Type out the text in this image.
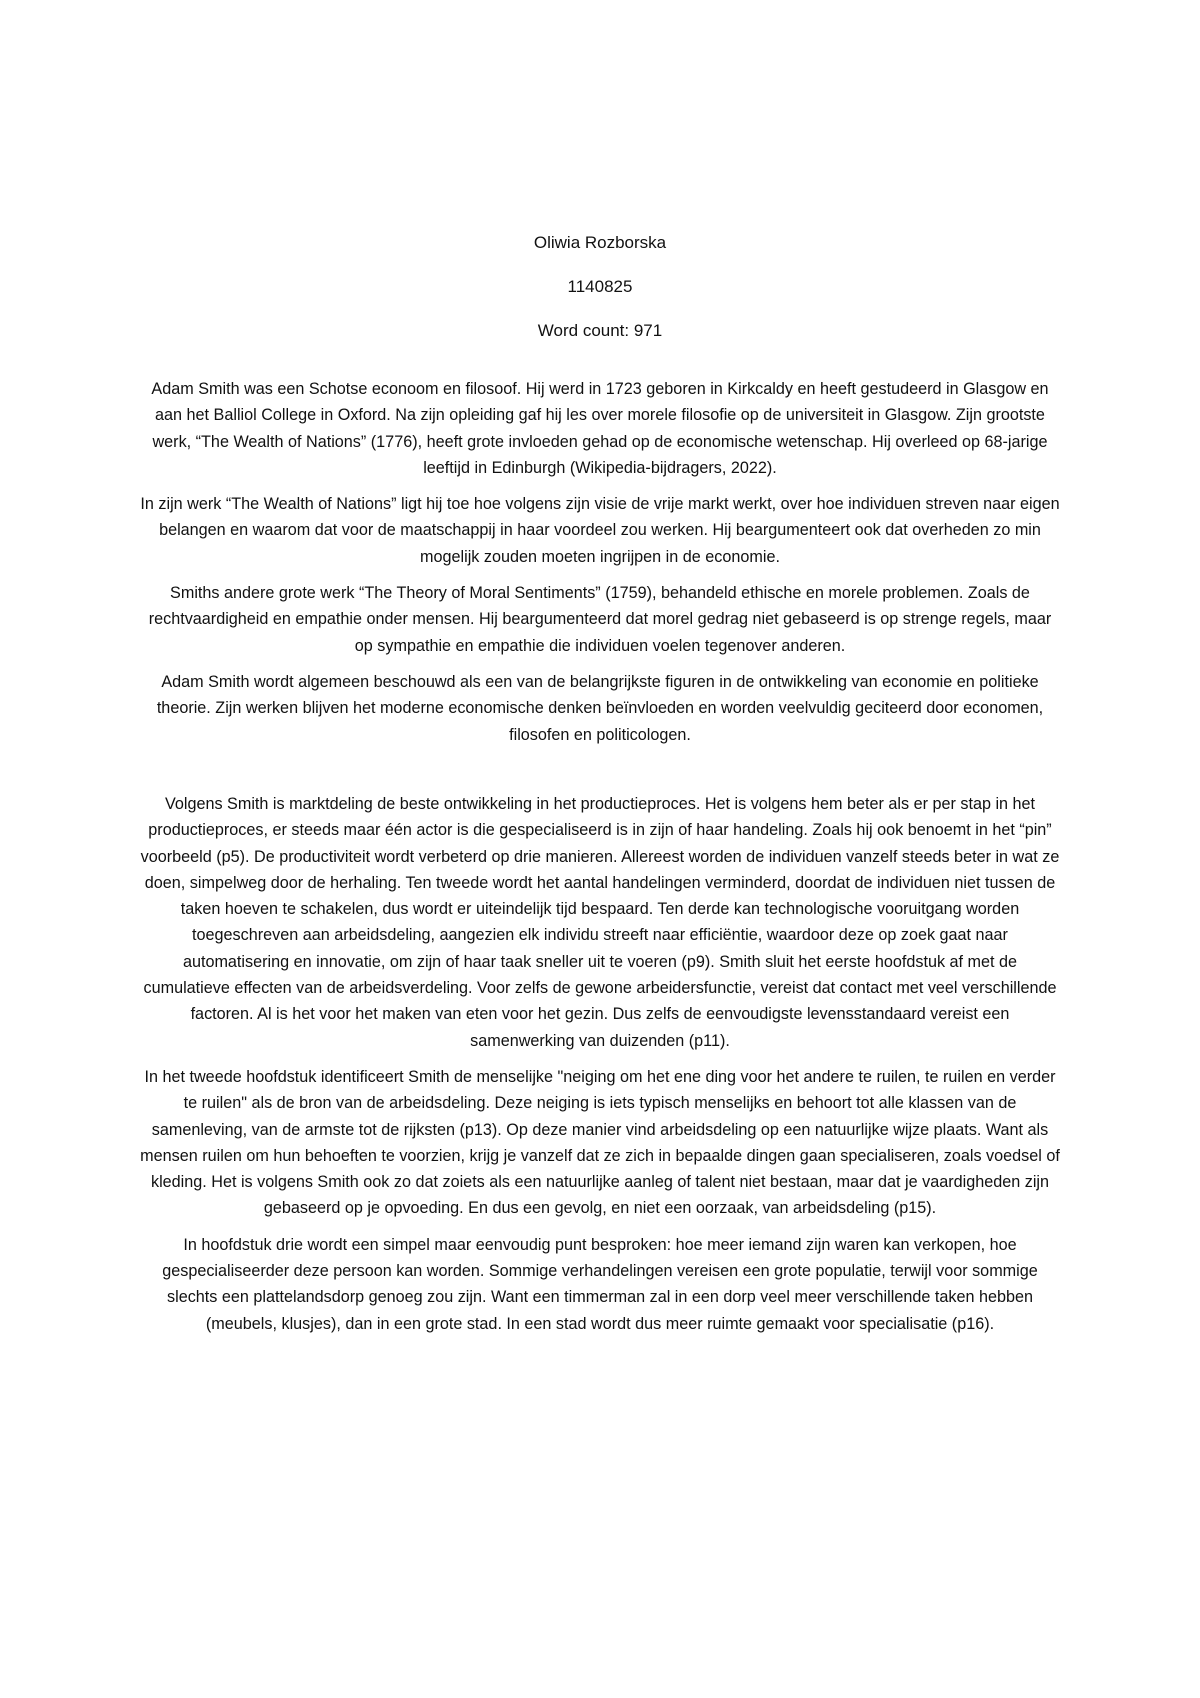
Oliwia Rozborska

1140825

Word count: 971

Adam Smith was een Schotse econoom en filosoof. Hij werd in 1723 geboren in Kirkcaldy en heeft gestudeerd in Glasgow en aan het Balliol College in Oxford. Na zijn opleiding gaf hij les over morele filosofie op de universiteit in Glasgow. Zijn grootste werk, “The Wealth of Nations” (1776), heeft grote invloeden gehad op de economische wetenschap. Hij overleed op 68-jarige leeftijd in Edinburgh (Wikipedia-bijdragers, 2022).

In zijn werk “The Wealth of Nations” ligt hij toe hoe volgens zijn visie de vrije markt werkt, over hoe individuen streven naar eigen belangen en waarom dat voor de maatschappij in haar voordeel zou werken. Hij beargumenteert ook dat overheden zo min mogelijk zouden moeten ingrijpen in de economie.

Smiths andere grote werk “The Theory of Moral Sentiments” (1759), behandeld ethische en morele problemen. Zoals de rechtvaardigheid en empathie onder mensen. Hij beargumenteerd dat morel gedrag niet gebaseerd is op strenge regels, maar op sympathie en empathie die individuen voelen tegenover anderen.

Adam Smith wordt algemeen beschouwd als een van de belangrijkste figuren in de ontwikkeling van economie en politieke theorie. Zijn werken blijven het moderne economische denken beïnvloeden en worden veelvuldig geciteerd door economen, filosofen en politicologen.

Volgens Smith is marktdeling de beste ontwikkeling in het productieproces. Het is volgens hem beter als er per stap in het productieproces, er steeds maar één actor is die gespecialiseerd is in zijn of haar handeling. Zoals hij ook benoemt in het “pin” voorbeeld (p5). De productiviteit wordt verbeterd op drie manieren. Allereest worden de individuen vanzelf steeds beter in wat ze doen, simpelweg door de herhaling. Ten tweede wordt het aantal handelingen verminderd, doordat de individuen niet tussen de taken hoeven te schakelen, dus wordt er uiteindelijk tijd bespaard. Ten derde kan technologische vooruitgang worden toegeschreven aan arbeidsdeling, aangezien elk individu streeft naar efficiëntie, waardoor deze op zoek gaat naar automatisering en innovatie, om zijn of haar taak sneller uit te voeren (p9). Smith sluit het eerste hoofdstuk af met de cumulatieve effecten van de arbeidsverdeling. Voor zelfs de gewone arbeidersfunctie, vereist dat contact met veel verschillende factoren. Al is het voor het maken van eten voor het gezin. Dus zelfs de eenvoudigste levensstandaard vereist een samenwerking van duizenden (p11).

In het tweede hoofdstuk identificeert Smith de menselijke "neiging om het ene ding voor het andere te ruilen, te ruilen en verder te ruilen" als de bron van de arbeidsdeling. Deze neiging is iets typisch menselijks en behoort tot alle klassen van de samenleving, van de armste tot de rijksten (p13). Op deze manier vind arbeidsdeling op een natuurlijke wijze plaats. Want als mensen ruilen om hun behoeften te voorzien, krijg je vanzelf dat ze zich in bepaalde dingen gaan specialiseren, zoals voedsel of kleding. Het is volgens Smith ook zo dat zoiets als een natuurlijke aanleg of talent niet bestaan, maar dat je vaardigheden zijn gebaseerd op je opvoeding. En dus een gevolg, en niet een oorzaak, van arbeidsdeling (p15).

In hoofdstuk drie wordt een simpel maar eenvoudig punt besproken: hoe meer iemand zijn waren kan verkopen, hoe gespecialiseerder deze persoon kan worden. Sommige verhandelingen vereisen een grote populatie, terwijl voor sommige slechts een plattelandsdorp genoeg zou zijn. Want een timmerman zal in een dorp veel meer verschillende taken hebben (meubels, klusjes), dan in een grote stad. In een stad wordt dus meer ruimte gemaakt voor specialisatie (p16).
